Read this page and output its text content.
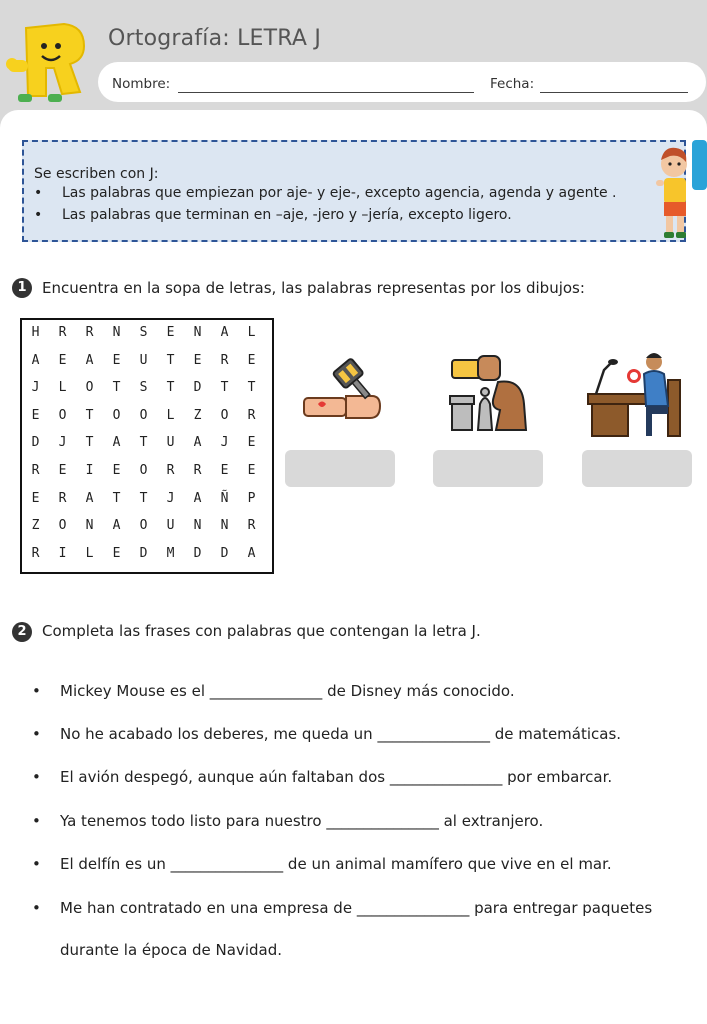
Ortografía: LETRA J
Nombre:	Fecha:
Se escriben con J:
• Las palabras que empiezan por aje- y eje-, excepto agencia, agenda y agente .
• Las palabras que terminan en –aje, -jero y –jería, excepto ligero.
1	Encuentra en la sopa de letras, las palabras representas por los dibujos:
H	R	R	N	S	E	N	A	L
A	E	A	E	U	T	E	R	E
J	L	O	T	S	T	D	T	T
E	O	T	O	O	L	Z	O	R
D	J	T	A	T	U	A	J	E
R	E	I	E	O	R	R	E	E
E	R	A	T	T	J	A	Ñ	P
Z	O	N	A	O	U	N	N	R
R	I	L	E	D	M	D	D	A
2	Completa las frases con palabras que contengan la letra J.
• Mickey Mouse es el _______________ de Disney más conocido.
• No he acabado los deberes, me queda un _______________ de matemáticas.
• El avión despegó, aunque aún faltaban dos _______________ por embarcar.
• Ya tenemos todo listo para nuestro _______________ al extranjero.
• El delfín es un _______________ de un animal mamífero que vive en el mar.
• Me han contratado en una empresa de _______________ para entregar paquetes
durante la época de Navidad.
